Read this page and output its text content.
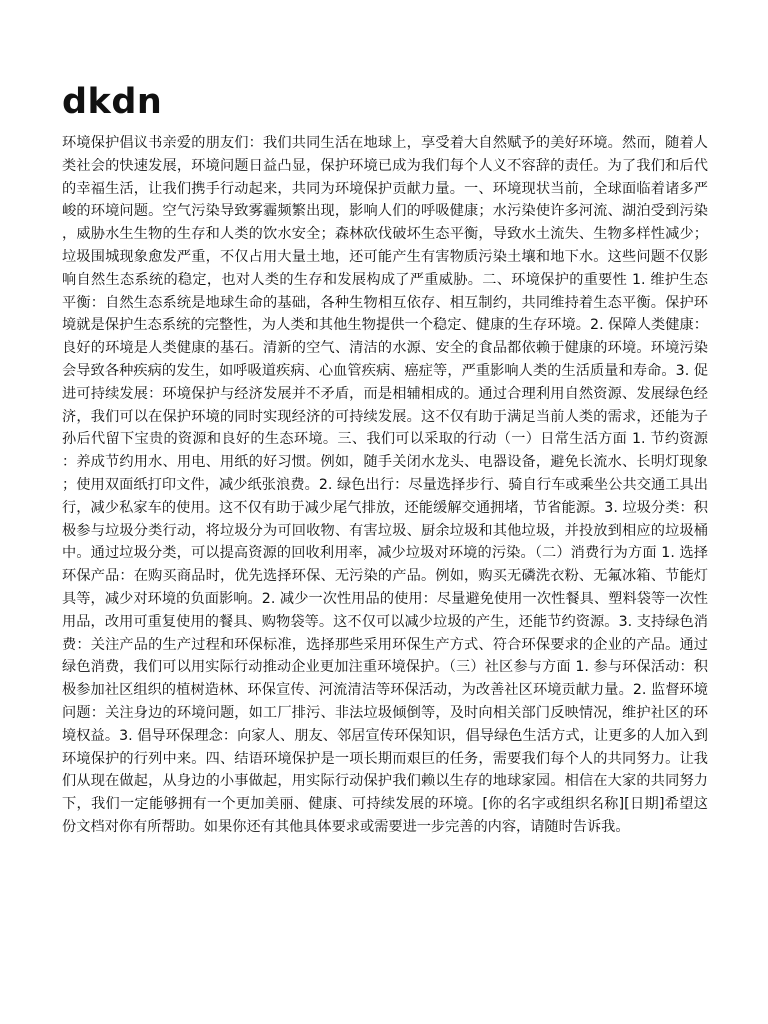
dkdn

环境保护倡议书亲爱的朋友们：我们共同生活在地球上，享受着大自然赋予的美好环境。然而，随着人类社会的快速发展，环境问题日益凸显，保护环境已成为我们每个人义不容辞的责任。为了我们和后代的幸福生活，让我们携手行动起来，共同为环境保护贡献力量。一、环境现状当前，全球面临着诸多严峻的环境问题。空气污染导致雾霾频繁出现，影响人们的呼吸健康；水污染使许多河流、湖泊受到污染，威胁水生生物的生存和人类的饮水安全；森林砍伐破坏生态平衡，导致水土流失、生物多样性减少；垃圾围城现象愈发严重，不仅占用大量土地，还可能产生有害物质污染土壤和地下水。这些问题不仅影响自然生态系统的稳定，也对人类的生存和发展构成了严重威胁。二、环境保护的重要性 1. 维护生态平衡：自然生态系统是地球生命的基础，各种生物相互依存、相互制约，共同维持着生态平衡。保护环境就是保护生态系统的完整性，为人类和其他生物提供一个稳定、健康的生存环境。2. 保障人类健康：良好的环境是人类健康的基石。清新的空气、清洁的水源、安全的食品都依赖于健康的环境。环境污染会导致各种疾病的发生，如呼吸道疾病、心血管疾病、癌症等，严重影响人类的生活质量和寿命。3. 促进可持续发展：环境保护与经济发展并不矛盾，而是相辅相成的。通过合理利用自然资源、发展绿色经济，我们可以在保护环境的同时实现经济的可持续发展。这不仅有助于满足当前人类的需求，还能为子孙后代留下宝贵的资源和良好的生态环境。三、我们可以采取的行动（一）日常生活方面 1. 节约资源：养成节约用水、用电、用纸的好习惯。例如，随手关闭水龙头、电器设备，避免长流水、长明灯现象；使用双面纸打印文件，减少纸张浪费。2. 绿色出行：尽量选择步行、骑自行车或乘坐公共交通工具出行，减少私家车的使用。这不仅有助于减少尾气排放，还能缓解交通拥堵，节省能源。3. 垃圾分类：积极参与垃圾分类行动，将垃圾分为可回收物、有害垃圾、厨余垃圾和其他垃圾，并投放到相应的垃圾桶中。通过垃圾分类，可以提高资源的回收利用率，减少垃圾对环境的污染。（二）消费行为方面 1. 选择环保产品：在购买商品时，优先选择环保、无污染的产品。例如，购买无磷洗衣粉、无氟冰箱、节能灯具等，减少对环境的负面影响。2. 减少一次性用品的使用：尽量避免使用一次性餐具、塑料袋等一次性用品，改用可重复使用的餐具、购物袋等。这不仅可以减少垃圾的产生，还能节约资源。3. 支持绿色消费：关注产品的生产过程和环保标准，选择那些采用环保生产方式、符合环保要求的企业的产品。通过绿色消费，我们可以用实际行动推动企业更加注重环境保护。（三）社区参与方面 1. 参与环保活动：积极参加社区组织的植树造林、环保宣传、河流清洁等环保活动，为改善社区环境贡献力量。2. 监督环境问题：关注身边的环境问题，如工厂排污、非法垃圾倾倒等，及时向相关部门反映情况，维护社区的环境权益。3. 倡导环保理念：向家人、朋友、邻居宣传环保知识，倡导绿色生活方式，让更多的人加入到环境保护的行列中来。四、结语环境保护是一项长期而艰巨的任务，需要我们每个人的共同努力。让我们从现在做起，从身边的小事做起，用实际行动保护我们赖以生存的地球家园。相信在大家的共同努力下，我们一定能够拥有一个更加美丽、健康、可持续发展的环境。[你的名字或组织名称][日期]希望这份文档对你有所帮助。如果你还有其他具体要求或需要进一步完善的内容，请随时告诉我。
